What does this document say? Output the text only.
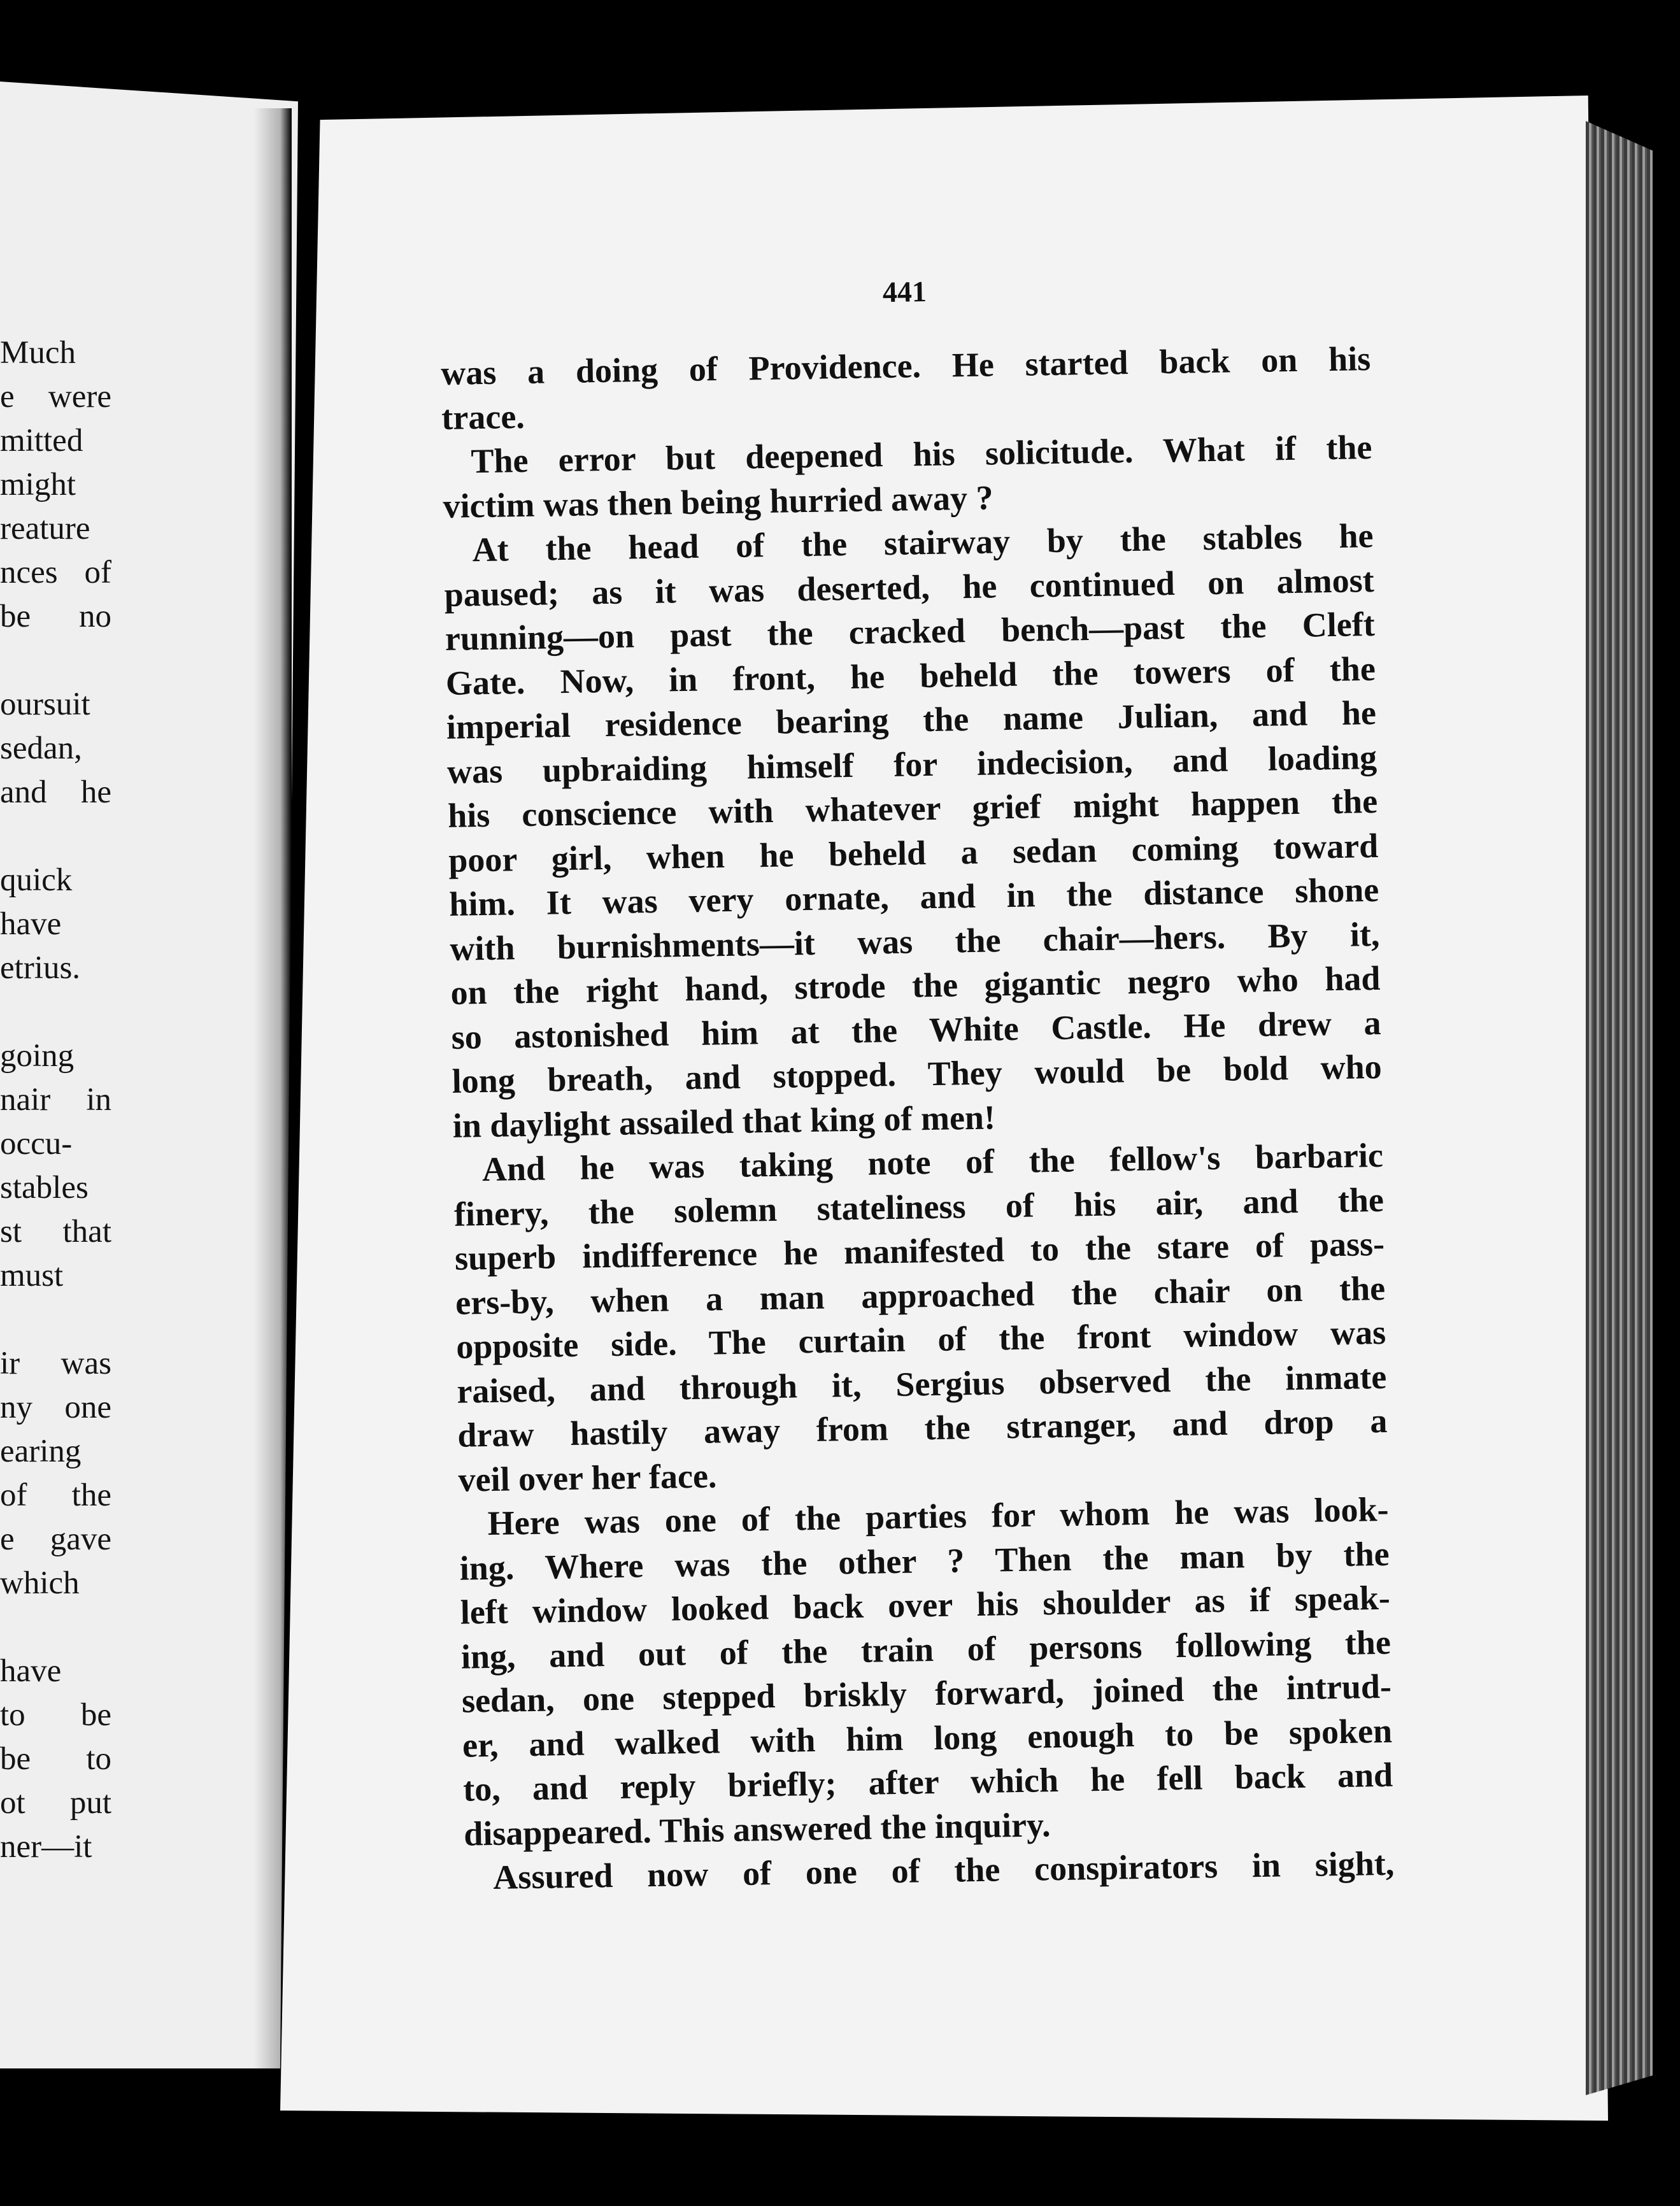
Much
e were
mitted
might
reature
nces of
be no
oursuit
sedan,
and he
quick
have
etrius.
going
nair in
occu-
stables
st that
must
ir was
ny one
earing
of the
e gave
which
have
to be
be to
ot put
ner—it
441
was a doing of Providence. He started back on his
trace.
The error but deepened his solicitude. What if the
victim was then being hurried away ?
At the head of the stairway by the stables he
paused; as it was deserted, he continued on almost
running—on past the cracked bench—past the Cleft
Gate. Now, in front, he beheld the towers of the
imperial residence bearing the name Julian, and he
was upbraiding himself for indecision, and loading
his conscience with whatever grief might happen the
poor girl, when he beheld a sedan coming toward
him. It was very ornate, and in the distance shone
with burnishments—it was the chair—hers. By it,
on the right hand, strode the gigantic negro who had
so astonished him at the White Castle. He drew a
long breath, and stopped. They would be bold who
in daylight assailed that king of men!
And he was taking note of the fellow's barbaric
finery, the solemn stateliness of his air, and the
superb indifference he manifested to the stare of pass-
ers-by, when a man approached the chair on the
opposite side. The curtain of the front window was
raised, and through it, Sergius observed the inmate
draw hastily away from the stranger, and drop a
veil over her face.
Here was one of the parties for whom he was look-
ing. Where was the other ? Then the man by the
left window looked back over his shoulder as if speak-
ing, and out of the train of persons following the
sedan, one stepped briskly forward, joined the intrud-
er, and walked with him long enough to be spoken
to, and reply briefly; after which he fell back and
disappeared. This answered the inquiry.
Assured now of one of the conspirators in sight,
